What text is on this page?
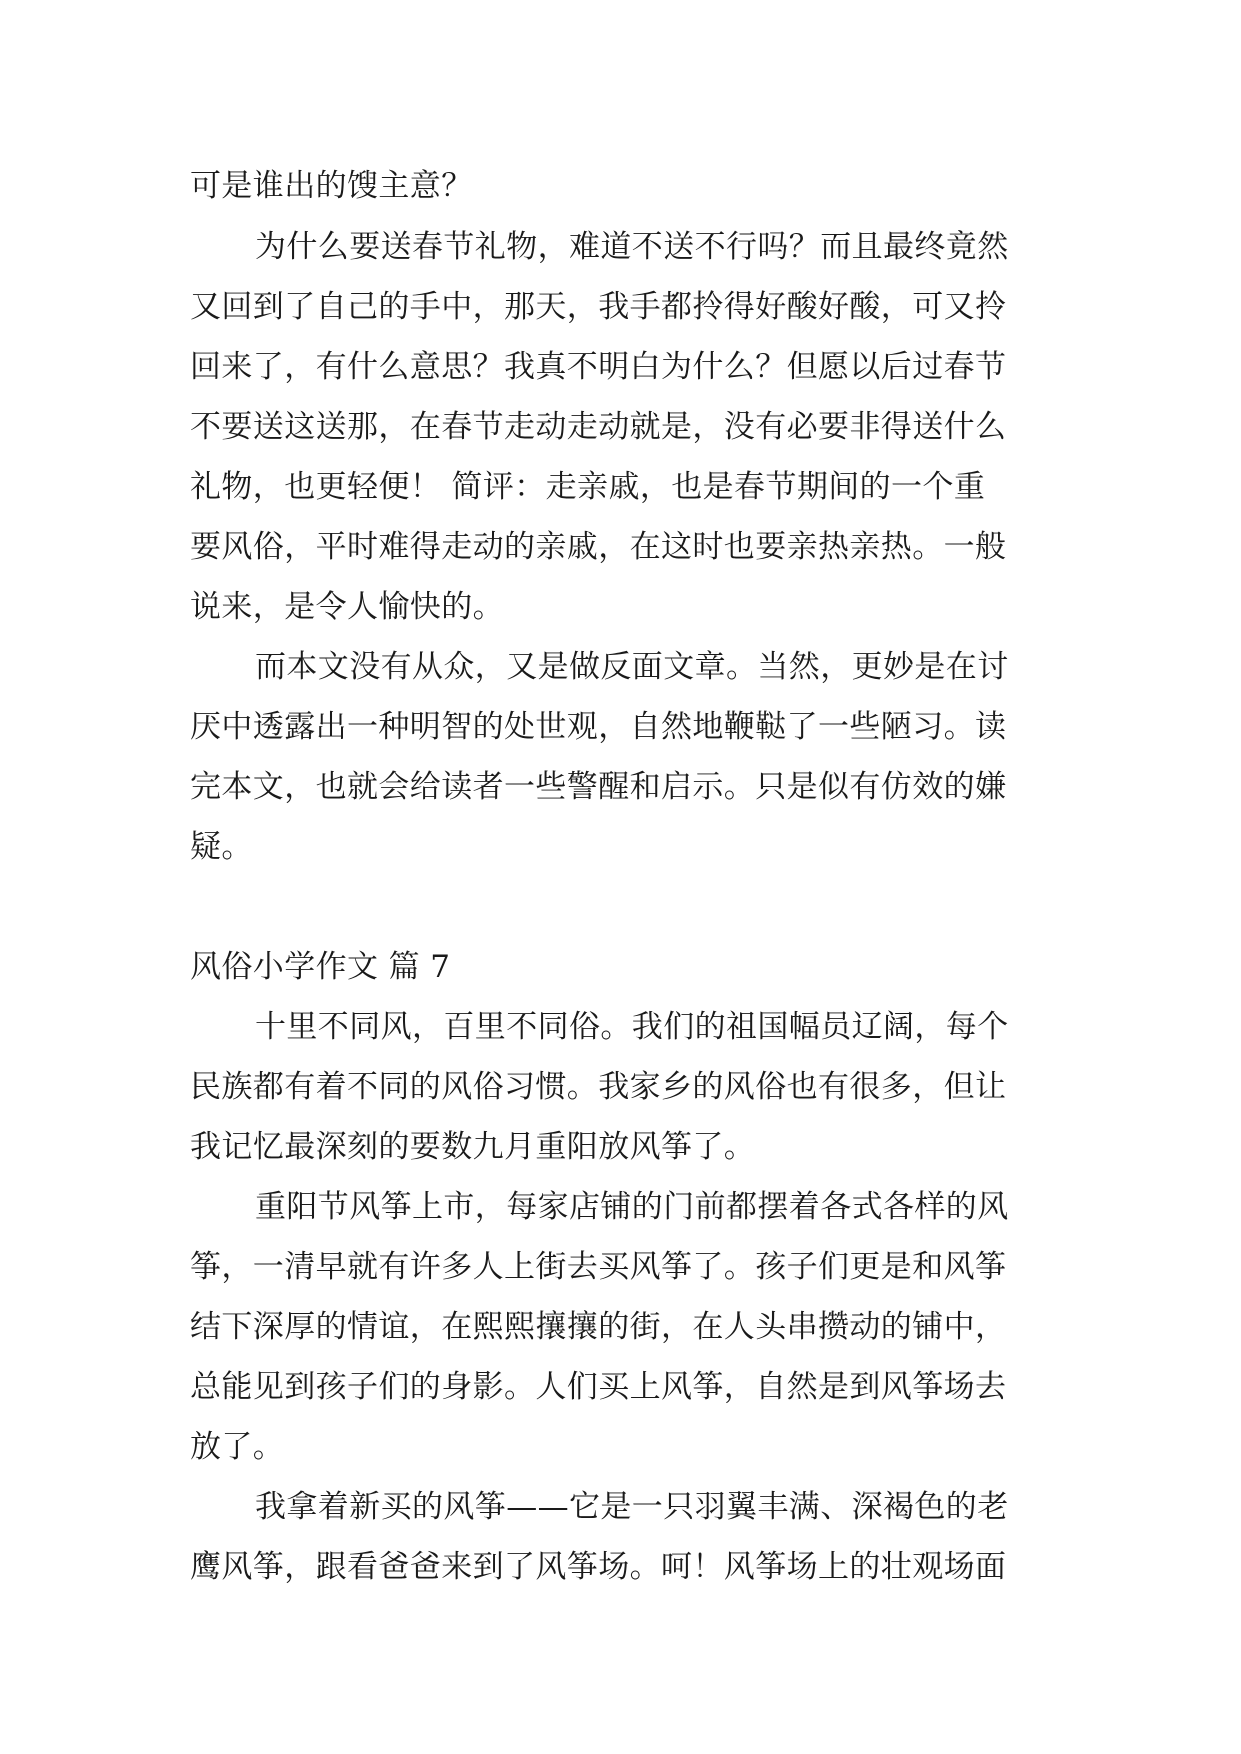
可是谁出的馊主意？
为什么要送春节礼物，难道不送不行吗？而且最终竟然
又回到了自己的手中，那天，我手都拎得好酸好酸，可又拎
回来了，有什么意思？我真不明白为什么？但愿以后过春节
不要送这送那，在春节走动走动就是，没有必要非得送什么
礼物，也更轻便！ 简评：走亲戚，也是春节期间的一个重
要风俗，平时难得走动的亲戚，在这时也要亲热亲热。一般
说来，是令人愉快的。
而本文没有从众，又是做反面文章。当然，更妙是在讨
厌中透露出一种明智的处世观，自然地鞭鞑了一些陋习。读
完本文，也就会给读者一些警醒和启示。只是似有仿效的嫌
疑。
风俗小学作文 篇 7
十里不同风，百里不同俗。我们的祖国幅员辽阔，每个
民族都有着不同的风俗习惯。我家乡的风俗也有很多，但让
我记忆最深刻的要数九月重阳放风筝了。
重阳节风筝上市，每家店铺的门前都摆着各式各样的风
筝，一清早就有许多人上街去买风筝了。孩子们更是和风筝
结下深厚的情谊，在熙熙攘攘的街，在人头串攒动的铺中，
总能见到孩子们的身影。人们买上风筝，自然是到风筝场去
放了。
我拿着新买的风筝——它是一只羽翼丰满、深褐色的老
鹰风筝，跟看爸爸来到了风筝场。呵！风筝场上的壮观场面
